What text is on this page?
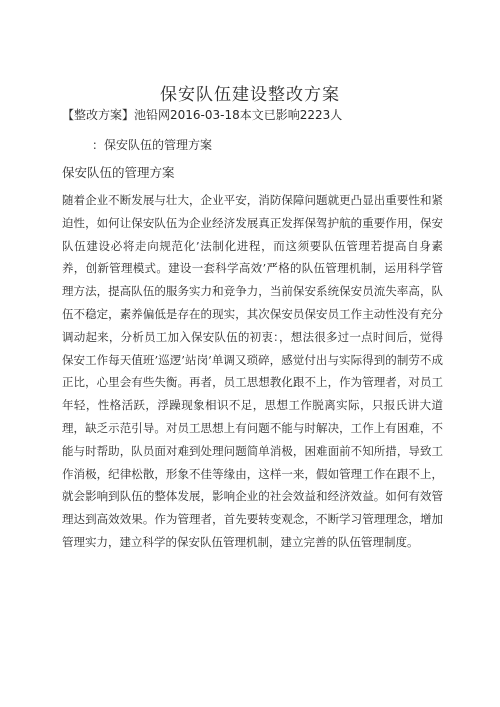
保安队伍建设整改方案
【整改方案】池铅网2016-03-18本文已影响2223人
：保安队伍的管理方案
保安队伍的管理方案

随着企业不断发展与壮大，企业平安，消防保障问题就更凸显出重要性和紧迫性，如何让保安队伍为企业经济发展真正发挥保驾护航的重要作用，保安队伍建设必将走向规范化’法制化进程，而这须要队伍管理若提高自身素养，创新管理模式。建设一套科学高效’严格的队伍管理机制，运用科学管理方法，提高队伍的服务实力和竞争力，当前保安系统保安员流失率高，队伍不稳定，素养偏低是存在的现实，其次保安员保安员工作主动性没有充分调动起来，分析员工加入保安队伍的初衷：，想法很多过一点时间后，觉得保安工作每天值班’巡逻’站岗’单调又琐碎，感觉付出与实际得到的制劳不成正比，心里会有些失衡。再者，员工思想教化跟不上，作为管理者，对员工年轻，性格活跃，浮躁现象相识不足，思想工作脱离实际，只报氏讲大道理，缺乏示范引导。对员工思想上有问题不能与时解决，工作上有困难，不能与时帮助，队员面对难到处理问题简单消极，困难面前不知所措，导致工作消极，纪律松散，形象不佳等缘由，这样一来，假如管理工作在跟不上，就会影响到队伍的整体发展，影响企业的社会效益和经济效益。如何有效管理达到高效效果。作为管理者，首先要转变观念，不断学习管理理念，增加管理实力，建立科学的保安队伍管理机制，建立完善的队伍管理制度。
